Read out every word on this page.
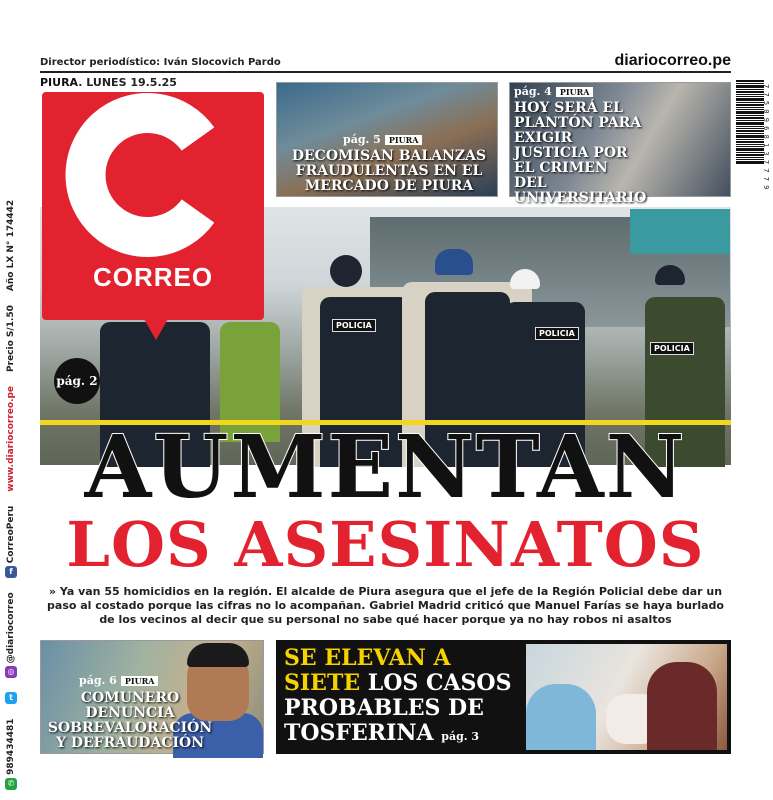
Director periodístico: Iván Slocovich Pardo	diariocorreo.pe
PIURA. LUNES 19.5.25
✆ 989434481
t
◎ @diariocorreo
f CorreoPeru
www.diariocorreo.pe
Precio S/1.50
Año LX N° 174442
7 7 5 0 9 6 8 1 3 7 7 7 9
POLICIA
POLICIA
POLICIA
pág. 2
CORREO
pág. 5 PIURA
DECOMISAN BALANZAS FRAUDULENTAS EN EL MERCADO DE PIURA
pág. 4 PIURA
HOY SERÁ EL PLANTÓN PARA EXIGIR JUSTICIA POR EL CRIMEN DEL UNIVERSITARIO
AUMENTAN
LOS ASESINATOS
» Ya van 55 homicidios en la región. El alcalde de Piura asegura que el jefe de la Región Policial debe dar un paso al costado porque las cifras no lo acompañan. Gabriel Madrid criticó que Manuel Farías se haya burlado de los vecinos al decir que su personal no sabe qué hacer porque ya no hay robos ni asaltos
pág. 6 PIURA
COMUNERO DENUNCIA SOBREVALORACIÓN Y DEFRAUDACIÓN
SE ELEVAN A SIETE LOS CASOS PROBABLES DE TOSFERINA pág. 3
